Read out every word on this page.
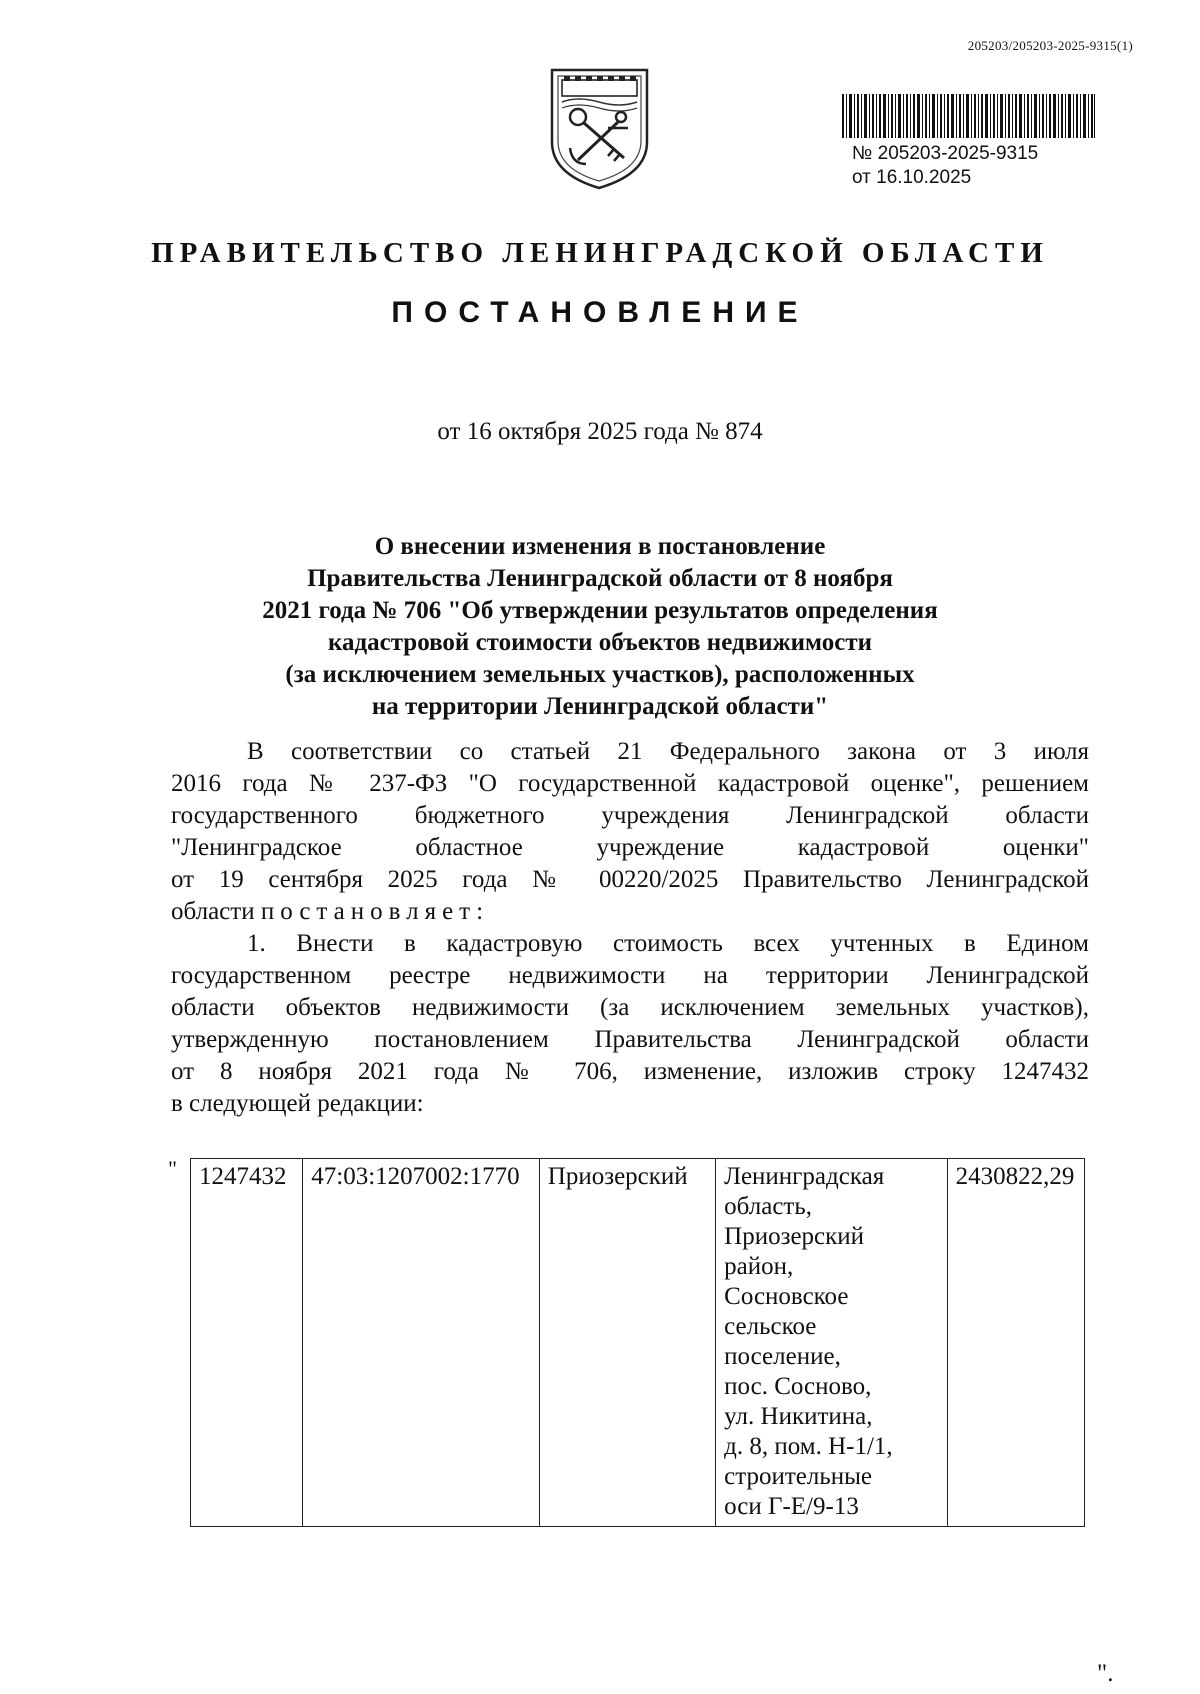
205203/205203-2025-9315(1)
№ 205203-2025-9315
от 16.10.2025
ПРАВИТЕЛЬСТВО ЛЕНИНГРАДСКОЙ ОБЛАСТИ
ПОСТАНОВЛЕНИЕ
от 16 октября 2025 года № 874
О внесении изменения в постановление
Правительства Ленинградской области от 8 ноября
2021 года № 706 "Об утверждении результатов определения
кадастровой стоимости объектов недвижимости
(за исключением земельных участков), расположенных
на территории Ленинградской области"
В соответствии со статьей 21 Федерального закона от 3 июля
2016 года № 237-ФЗ "О государственной кадастровой оценке", решением
государственного бюджетного учреждения Ленинградской области
"Ленинградское областное учреждение кадастровой оценки"
от 19 сентября 2025 года № 00220/2025 Правительство Ленинградской
области постановляет:
1. Внести в кадастровую стоимость всех учтенных в Едином
государственном реестре недвижимости на территории Ленинградской
области объектов недвижимости (за исключением земельных участков),
утвержденную постановлением Правительства Ленинградской области
от 8 ноября 2021 года № 706, изменение, изложив строку 1247432
в следующей редакции:
" 1247432	47:03:1207002:1770	Приозерский	Ленинградская
область,
Приозерский
район,
Сосновское
сельское
поселение,
пос. Сосново,
ул. Никитина,
д. 8, пом. Н-1/1,
строительные
оси Г-Е/9-13
	2430822,29
".
